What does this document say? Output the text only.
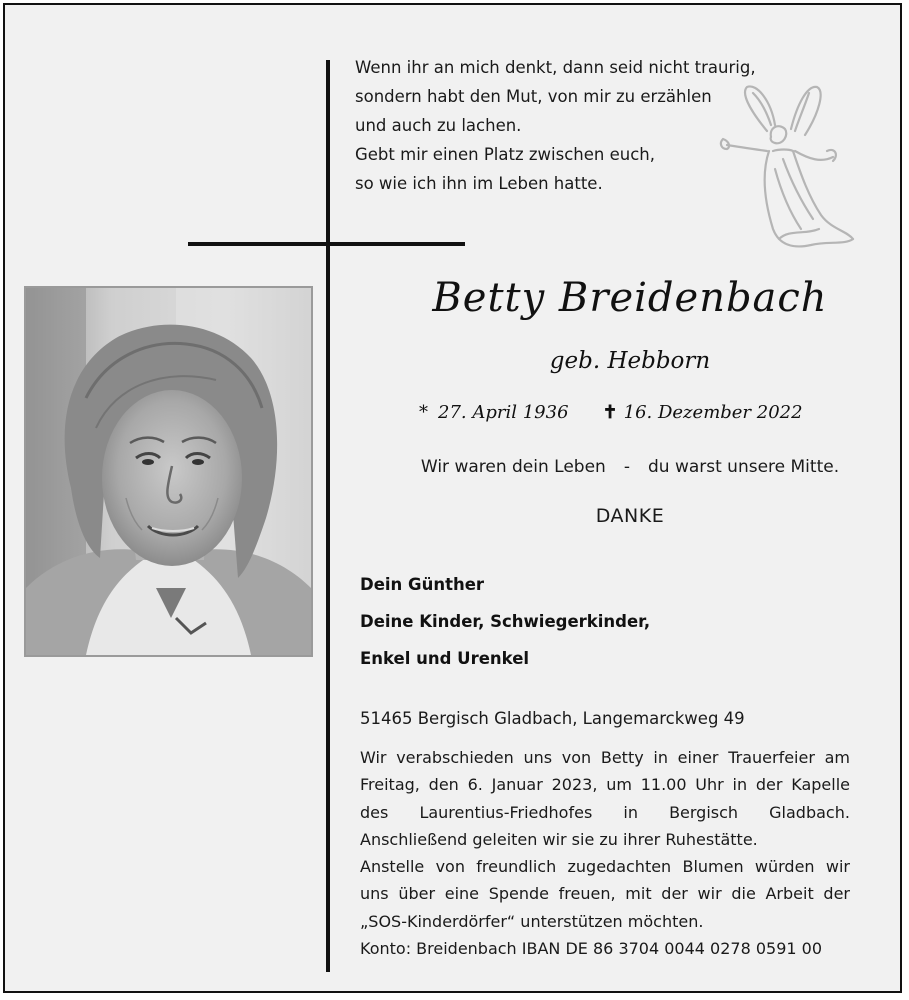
Wenn ihr an mich denkt, dann seid nicht traurig,
sondern habt den Mut, von mir zu erzählen
und auch zu lachen.
Gebt mir einen Platz zwischen euch,
so wie ich ihn im Leben hatte.
Betty Breidenbach
geb. Hebborn
* 27. April 1936 ✝ 16. Dezember 2022
Wir waren dein Leben - du warst unsere Mitte.
DANKE
Dein Günther
Deine Kinder, Schwiegerkinder,
Enkel und Urenkel
51465 Bergisch Gladbach, Langemarckweg 49
Wir verabschieden uns von Betty in einer Trauerfeier am
Freitag, den 6. Januar 2023, um 11.00 Uhr in der Kapelle
des Laurentius-Friedhofes in Bergisch Gladbach.
Anschließend geleiten wir sie zu ihrer Ruhestätte.
Anstelle von freundlich zugedachten Blumen würden wir
uns über eine Spende freuen, mit der wir die Arbeit der
„SOS-Kinderdörfer“ unterstützen möchten.
Konto: Breidenbach IBAN DE 86 3704 0044 0278 0591 00
